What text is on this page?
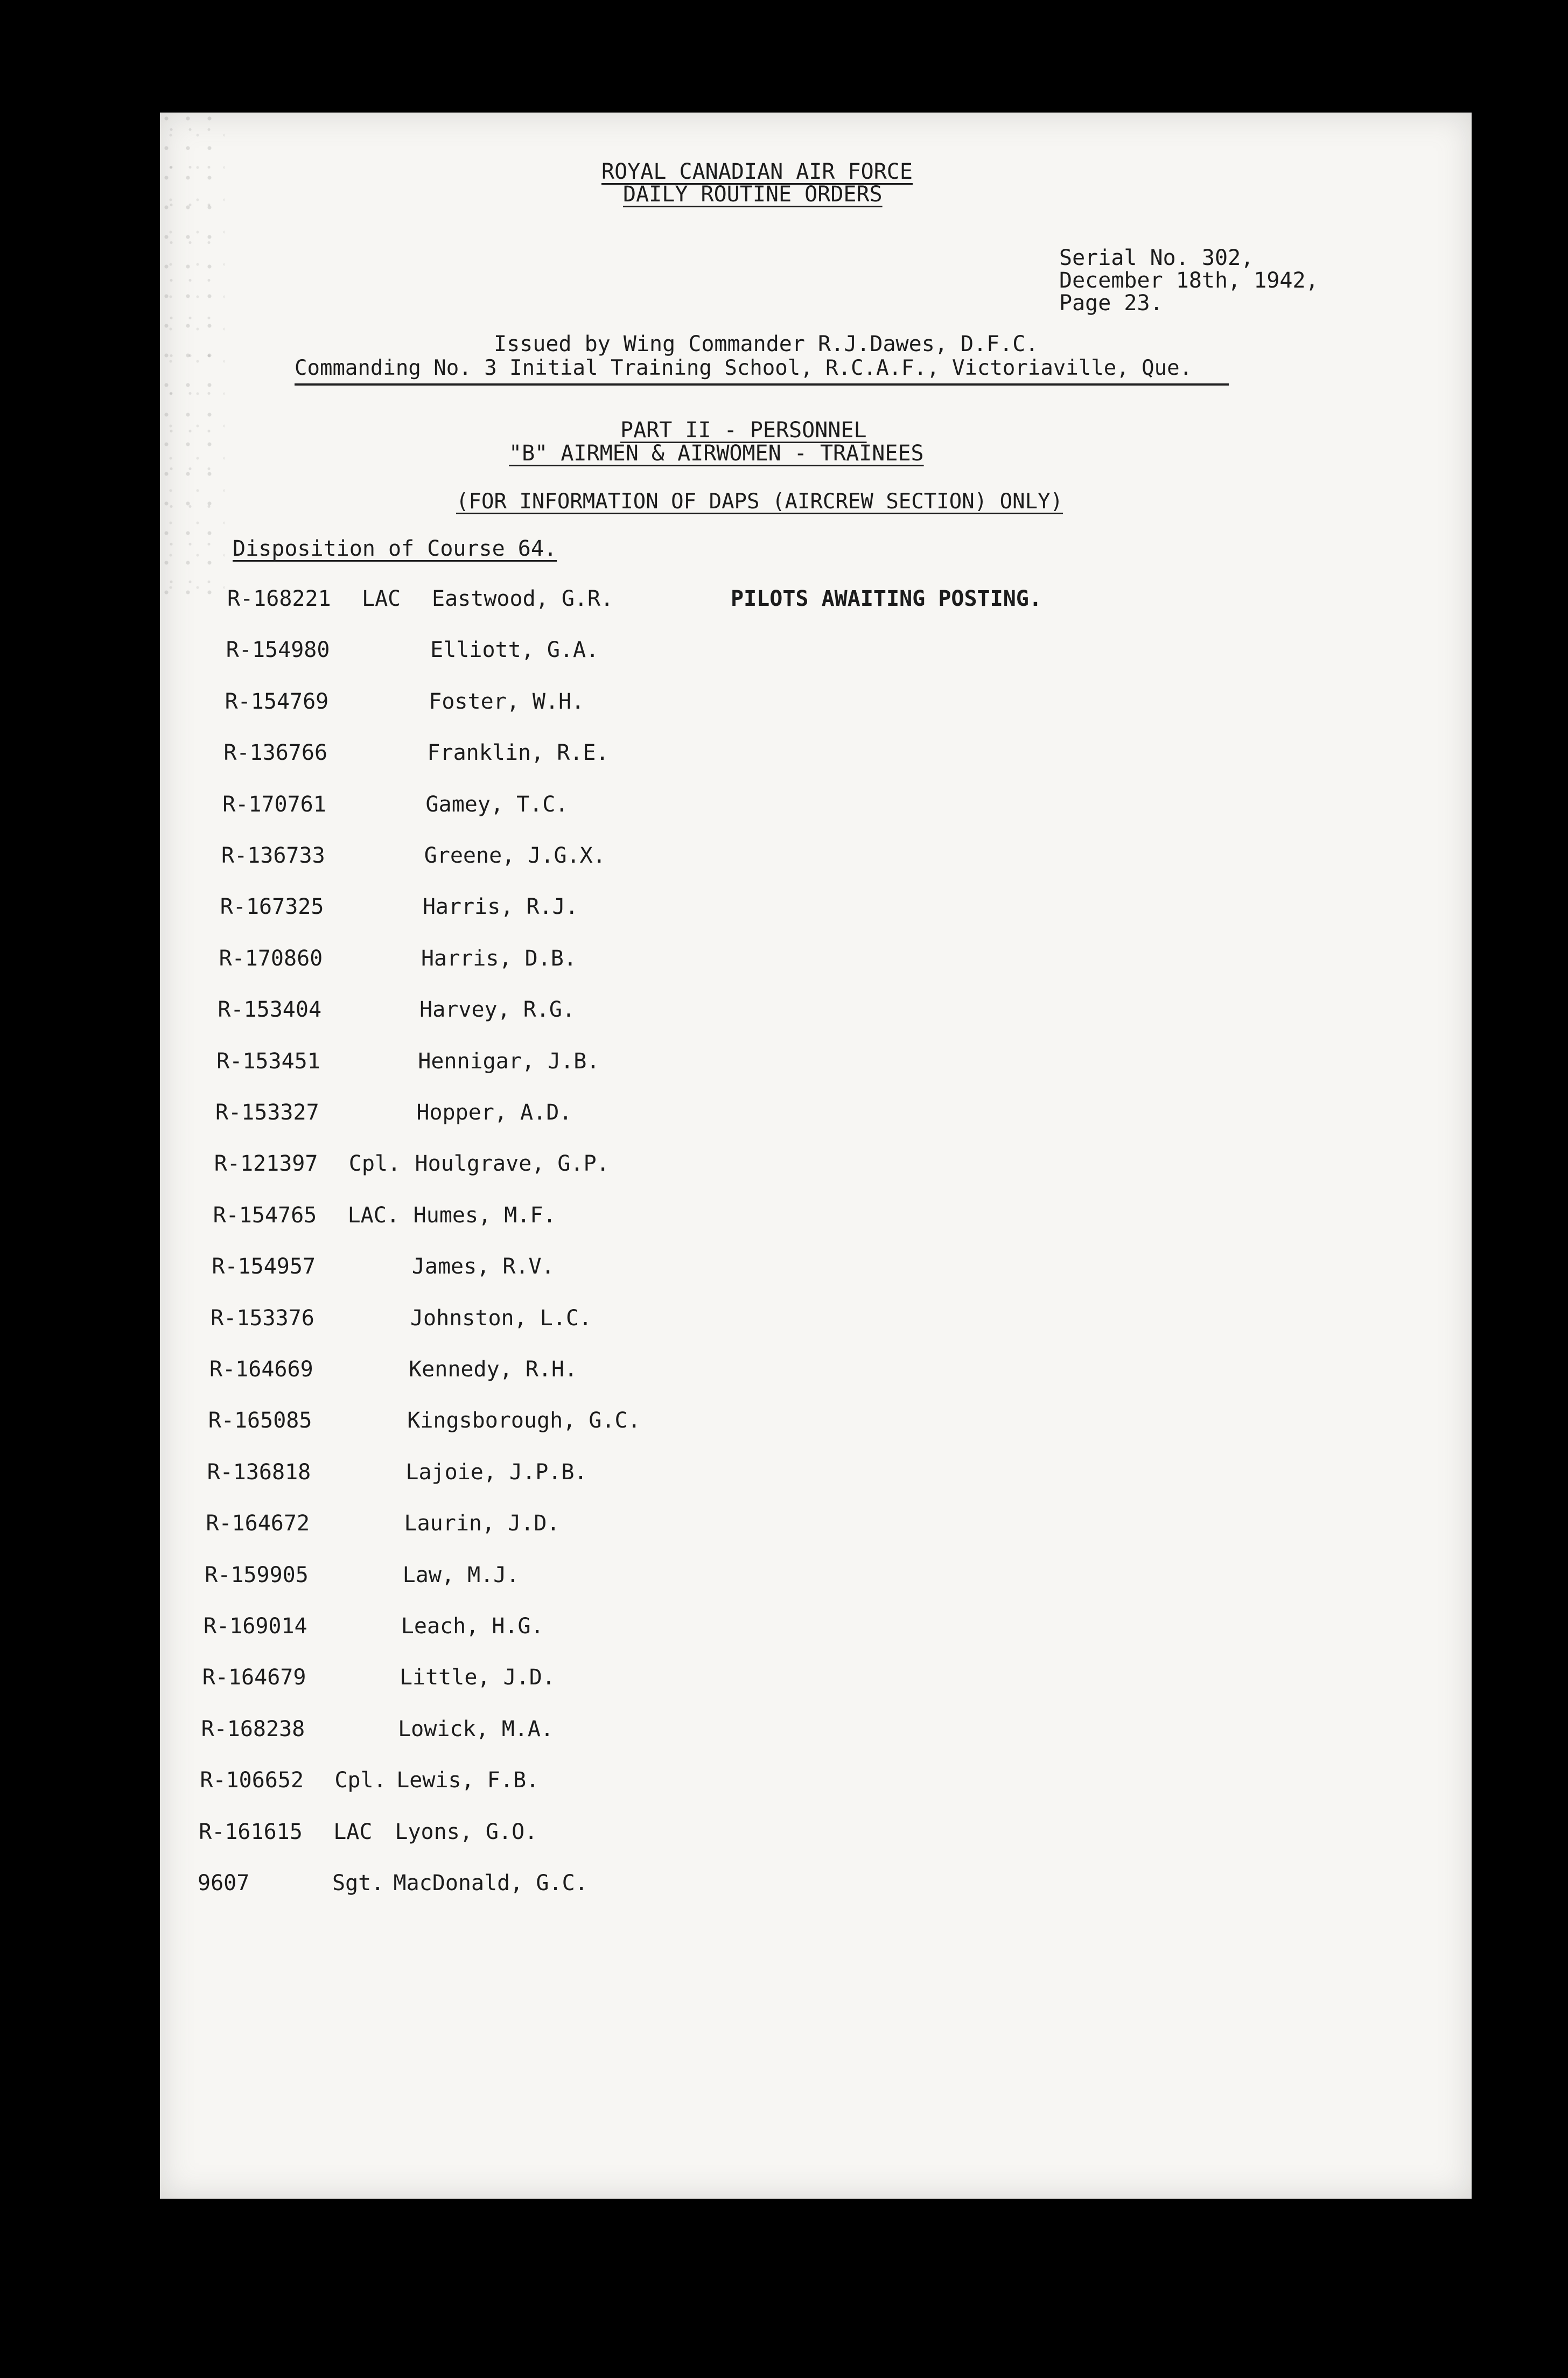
ROYAL CANADIAN AIR FORCE
DAILY ROUTINE ORDERS
Serial No. 302,
December 18th, 1942,
Page 23.
Issued by Wing Commander R.J.Dawes, D.F.C.
Commanding No. 3 Initial Training School, R.C.A.F., Victoriaville, Que.
PART II - PERSONNEL
"B" AIRMEN & AIRWOMEN - TRAINEES
(FOR INFORMATION OF DAPS (AIRCREW SECTION) ONLY)
Disposition of Course 64.
R-168221 LAC Eastwood, G.R.	PILOTS AWAITING POSTING.
R-154980	Elliott, G.A.
R-154769	Foster, W.H.
R-136766	Franklin, R.E.
R-170761	Gamey, T.C.
R-136733	Greene, J.G.X.
R-167325	Harris, R.J.
R-170860	Harris, D.B.
R-153404	Harvey, R.G.
R-153451	Hennigar, J.B.
R-153327	Hopper, A.D.
R-121397 Cpl. Houlgrave, G.P.
R-154765 LAC. Humes, M.F.
R-154957	James, R.V.
R-153376	Johnston, L.C.
R-164669	Kennedy, R.H.
R-165085	Kingsborough, G.C.
R-136818	Lajoie, J.P.B.
R-164672	Laurin, J.D.
R-159905	Law, M.J.
R-169014	Leach, H.G.
R-164679	Little, J.D.
R-168238	Lowick, M.A.
R-106652 Cpl. Lewis, F.B.
R-161615 LAC Lyons, G.O.
9607	Sgt. MacDonald, G.C.
